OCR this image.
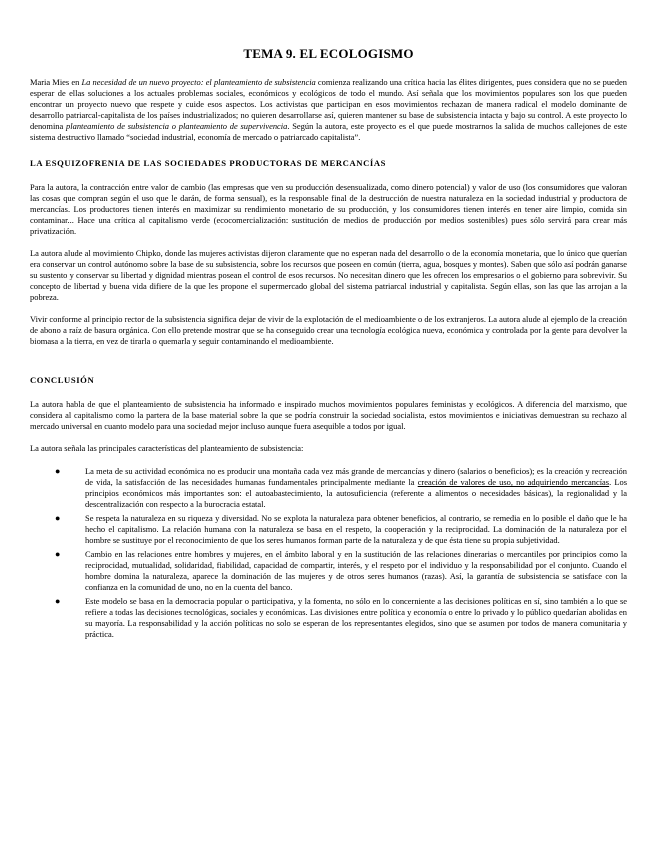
TEMA 9. EL ECOLOGISMO

Maria Mies en La necesidad de un nuevo proyecto: el planteamiento de subsistencia comienza realizando una crítica hacia las élites dirigentes, pues considera que no se pueden esperar de ellas soluciones a los actuales problemas sociales, económicos y ecológicos de todo el mundo. Así señala que los movimientos populares son los que pueden encontrar un proyecto nuevo que respete y cuide esos aspectos. Los activistas que participan en esos movimientos rechazan de manera radical el modelo dominante de desarrollo patriarcal-capitalista de los países industrializados; no quieren desarrollarse así, quieren mantener su base de subsistencia intacta y bajo su control. A este proyecto lo denomina planteamiento de subsistencia o planteamiento de supervivencia. Según la autora, este proyecto es el que puede mostrarnos la salida de muchos callejones de este sistema destructivo llamado “sociedad industrial, economía de mercado o patriarcado capitalista”.

LA ESQUIZOFRENIA DE LAS SOCIEDADES PRODUCTORAS DE MERCANCÍAS

Para la autora, la contracción entre valor de cambio (las empresas que ven su producción desensualizada, como dinero potencial) y valor de uso (los consumidores que valoran las cosas que compran según el uso que le darán, de forma sensual), es la responsable final de la destrucción de nuestra naturaleza en la sociedad industrial y productora de mercancías. Los productores tienen interés en maximizar su rendimiento monetario de su producción, y los consumidores tienen interés en tener aire limpio, comida sin contaminar... Hace una crítica al capitalismo verde (ecocomercialización: sustitución de medios de producción por medios sostenibles) pues sólo servirá para crear más privatización.

La autora alude al movimiento Chipko, donde las mujeres activistas dijeron claramente que no esperan nada del desarrollo o de la economía monetaria, que lo único que querían era conservar un control autónomo sobre la base de su subsistencia, sobre los recursos que poseen en común (tierra, agua, bosques y montes). Saben que sólo así podrán ganarse su sustento y conservar su libertad y dignidad mientras posean el control de esos recursos. No necesitan dinero que les ofrecen los empresarios o el gobierno para sobrevivir. Su concepto de libertad y buena vida difiere de la que les propone el supermercado global del sistema patriarcal industrial y capitalista. Según ellas, son las que las arrojan a la pobreza.

Vivir conforme al principio rector de la subsistencia significa dejar de vivir de la explotación de el medioambiente o de los extranjeros. La autora alude al ejemplo de la creación de abono a raíz de basura orgánica. Con ello pretende mostrar que se ha conseguido crear una tecnología ecológica nueva, económica y controlada por la gente para devolver la biomasa a la tierra, en vez de tirarla o quemarla y seguir contaminando el medioambiente.

CONCLUSIÓN

La autora habla de que el planteamiento de subsistencia ha informado e inspirado muchos movimientos populares feministas y ecológicos. A diferencia del marxismo, que considera al capitalismo como la partera de la base material sobre la que se podría construir la sociedad socialista, estos movimientos e iniciativas demuestran su rechazo al mercado universal en cuanto modelo para una sociedad mejor incluso aunque fuera asequible a todos por igual.

La autora señala las principales características del planteamiento de subsistencia:

●	La meta de su actividad económica no es producir una montaña cada vez más grande de mercancías y dinero (salarios o beneficios); es la creación y recreación de vida, la satisfacción de las necesidades humanas fundamentales principalmente mediante la creación de valores de uso, no adquiriendo mercancías. Los principios económicos más importantes son: el autoabastecimiento, la autosuficiencia (referente a alimentos o necesidades básicas), la regionalidad y la descentralización con respecto a la burocracia estatal.
●	Se respeta la naturaleza en su riqueza y diversidad. No se explota la naturaleza para obtener beneficios, al contrario, se remedia en lo posible el daño que le ha hecho el capitalismo. La relación humana con la naturaleza se basa en el respeto, la cooperación y la reciprocidad. La dominación de la naturaleza por el hombre se sustituye por el reconocimiento de que los seres humanos forman parte de la naturaleza y de que ésta tiene su propia subjetividad.
●	Cambio en las relaciones entre hombres y mujeres, en el ámbito laboral y en la sustitución de las relaciones dinerarias o mercantiles por principios como la reciprocidad, mutualidad, solidaridad, fiabilidad, capacidad de compartir, interés, y el respeto por el individuo y la responsabilidad por el conjunto. Cuando el hombre domina la naturaleza, aparece la dominación de las mujeres y de otros seres humanos (razas). Así, la garantía de subsistencia se satisface con la confianza en la comunidad de uno, no en la cuenta del banco.
●	Este modelo se basa en la democracia popular o participativa, y la fomenta, no sólo en lo concerniente a las decisiones políticas en sí, sino también a lo que se refiere a todas las decisiones tecnológicas, sociales y económicas. Las divisiones entre política y economía o entre lo privado y lo público quedarían abolidas en su mayoría. La responsabilidad y la acción políticas no solo se esperan de los representantes elegidos, sino que se asumen por todos de manera comunitaria y práctica.
